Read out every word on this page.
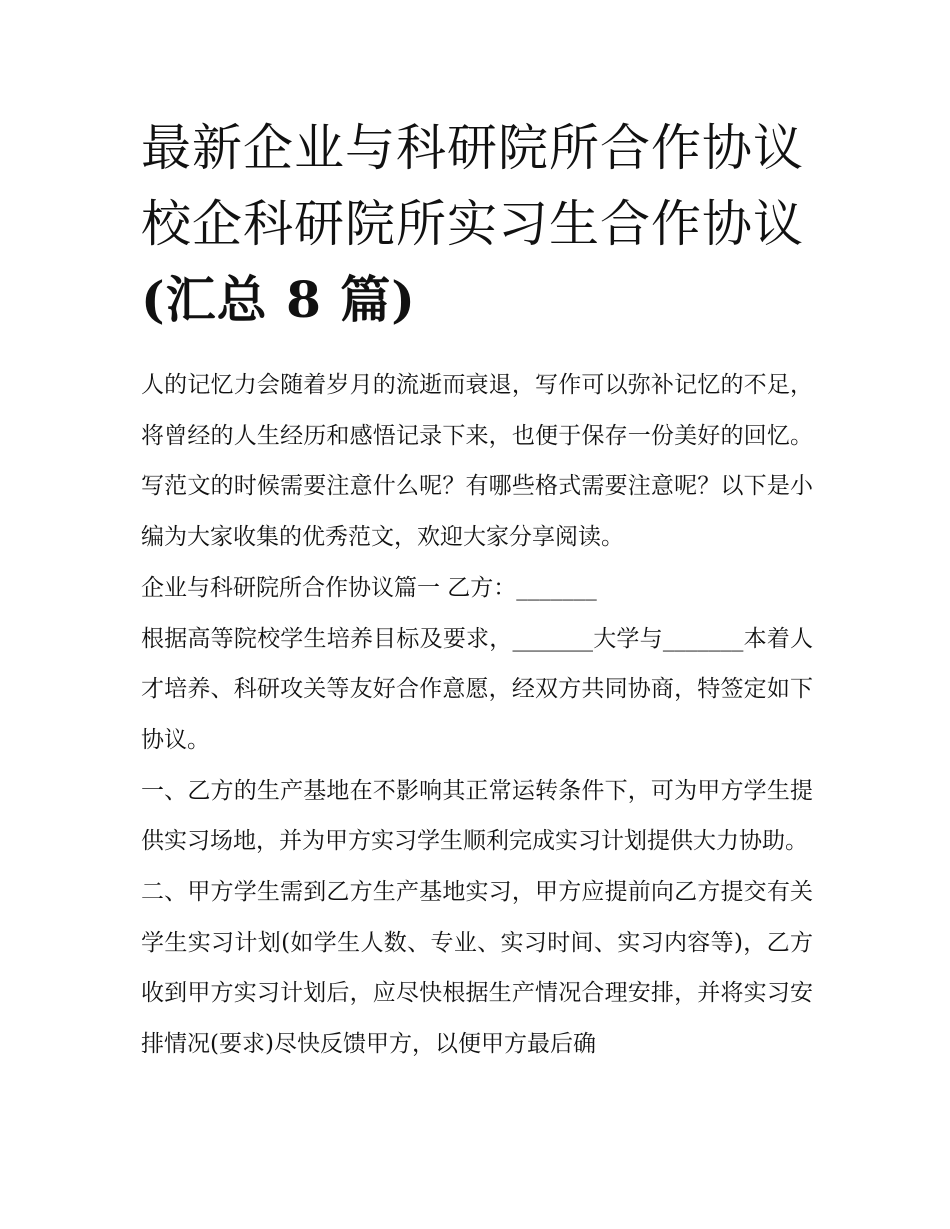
最新企业与科研院所合作协议
校企科研院所实习生合作协议
(汇总 8 篇)

人的记忆力会随着岁月的流逝而衰退，写作可以弥补记忆的不足，将曾经的人生经历和感悟记录下来，也便于保存一份美好的回忆。写范文的时候需要注意什么呢？有哪些格式需要注意呢？以下是小编为大家收集的优秀范文，欢迎大家分享阅读。

企业与科研院所合作协议篇一 乙方：_______

根据高等院校学生培养目标及要求，_______大学与_______本着人才培养、科研攻关等友好合作意愿，经双方共同协商，特签定如下协议。

一、乙方的生产基地在不影响其正常运转条件下，可为甲方学生提供实习场地，并为甲方实习学生顺利完成实习计划提供大力协助。

二、甲方学生需到乙方生产基地实习，甲方应提前向乙方提交有关学生实习计划(如学生人数、专业、实习时间、实习内容等)，乙方收到甲方实习计划后，应尽快根据生产情况合理安排，并将实习安排情况(要求)尽快反馈甲方，以便甲方最后确
